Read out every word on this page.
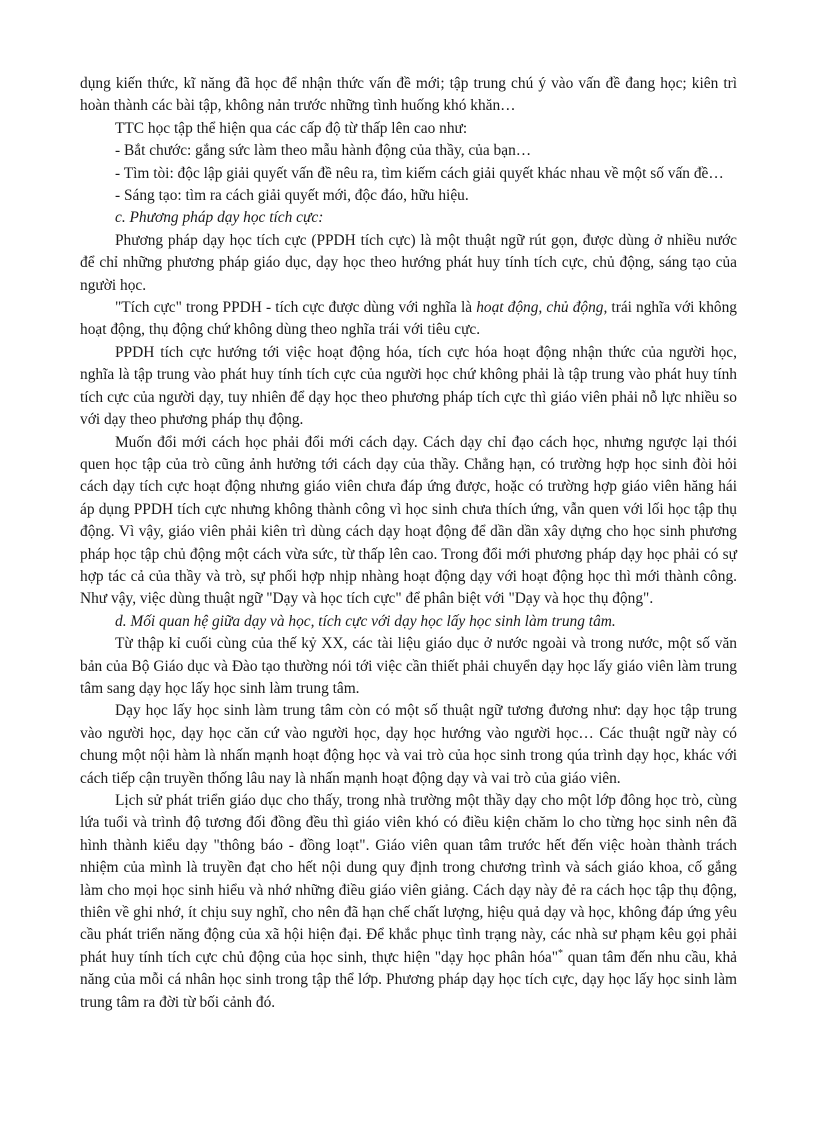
dụng kiến thức, kĩ năng đã học để nhận thức vấn đề mới; tập trung chú ý vào vấn đề đang học; kiên trì hoàn thành các bài tập, không nản trước những tình huống khó khăn…

TTC học tập thể hiện qua các cấp độ từ thấp lên cao như:

- Bắt chước: gắng sức làm theo mẫu hành động của thầy, của bạn…

- Tìm tòi: độc lập giải quyết vấn đề nêu ra, tìm kiếm cách giải quyết khác nhau về một số vấn đề…

- Sáng tạo: tìm ra cách giải quyết mới, độc đáo, hữu hiệu.

c. Phương pháp dạy học tích cực:

Phương pháp dạy học tích cực (PPDH tích cực) là một thuật ngữ rút gọn, được dùng ở nhiều nước để chỉ những phương pháp giáo dục, dạy học theo hướng phát huy tính tích cực, chủ động, sáng tạo của người học.

"Tích cực" trong PPDH - tích cực được dùng với nghĩa là hoạt động, chủ động, trái nghĩa với không hoạt động, thụ động chứ không dùng theo nghĩa trái với tiêu cực.

PPDH tích cực hướng tới việc hoạt động hóa, tích cực hóa hoạt động nhận thức của người học, nghĩa là tập trung vào phát huy tính tích cực của người học chứ không phải là tập trung vào phát huy tính tích cực của người dạy, tuy nhiên để dạy học theo phương pháp tích cực thì giáo viên phải nỗ lực nhiều so với dạy theo phương pháp thụ động.

Muốn đổi mới cách học phải đổi mới cách dạy. Cách dạy chỉ đạo cách học, nhưng ngược lại thói quen học tập của trò cũng ảnh hưởng tới cách dạy của thầy. Chẳng hạn, có trường hợp học sinh đòi hỏi cách dạy tích cực hoạt động nhưng giáo viên chưa đáp ứng được, hoặc có trường hợp giáo viên hăng hái áp dụng PPDH tích cực nhưng không thành công vì học sinh chưa thích ứng, vẫn quen với lối học tập thụ động. Vì vậy, giáo viên phải kiên trì dùng cách dạy hoạt động để dần dần xây dựng cho học sinh phương pháp học tập chủ động một cách vừa sức, từ thấp lên cao. Trong đổi mới phương pháp dạy học phải có sự hợp tác cả của thầy và trò, sự phối hợp nhịp nhàng hoạt động dạy với hoạt động học thì mới thành công. Như vậy, việc dùng thuật ngữ "Dạy và học tích cực" để phân biệt với "Dạy và học thụ động".

d. Mối quan hệ giữa dạy và học, tích cực với dạy học lấy học sinh làm trung tâm.

Từ thập kỉ cuối cùng của thế kỷ XX, các tài liệu giáo dục ở nước ngoài và trong nước, một số văn bản của Bộ Giáo dục và Đào tạo thường nói tới việc cần thiết phải chuyển dạy học lấy giáo viên làm trung tâm sang dạy học lấy học sinh làm trung tâm.

Dạy học lấy học sinh làm trung tâm còn có một số thuật ngữ tương đương như: dạy học tập trung vào người học, dạy học căn cứ vào người học, dạy học hướng vào người học… Các thuật ngữ này có chung một nội hàm là nhấn mạnh hoạt động học và vai trò của học sinh trong qúa trình dạy học, khác với cách tiếp cận truyền thống lâu nay là nhấn mạnh hoạt động dạy và vai trò của giáo viên.

Lịch sử phát triển giáo dục cho thấy, trong nhà trường một thầy dạy cho một lớp đông học trò, cùng lứa tuổi và trình độ tương đối đồng đều thì giáo viên khó có điều kiện chăm lo cho từng học sinh nên đã hình thành kiểu dạy "thông báo - đồng loạt". Giáo viên quan tâm trước hết đến việc hoàn thành trách nhiệm của mình là truyền đạt cho hết nội dung quy định trong chương trình và sách giáo khoa, cố gắng làm cho mọi học sinh hiểu và nhớ những điều giáo viên giảng. Cách dạy này đẻ ra cách học tập thụ động, thiên về ghi nhớ, ít chịu suy nghĩ, cho nên đã hạn chế chất lượng, hiệu quả dạy và học, không đáp ứng yêu cầu phát triển năng động của xã hội hiện đại. Để khắc phục tình trạng này, các nhà sư phạm kêu gọi phải phát huy tính tích cực chủ động của học sinh, thực hiện "dạy học phân hóa"* quan tâm đến nhu cầu, khả năng của mỗi cá nhân học sinh trong tập thể lớp. Phương pháp dạy học tích cực, dạy học lấy học sinh làm trung tâm ra đời từ bối cảnh đó.
